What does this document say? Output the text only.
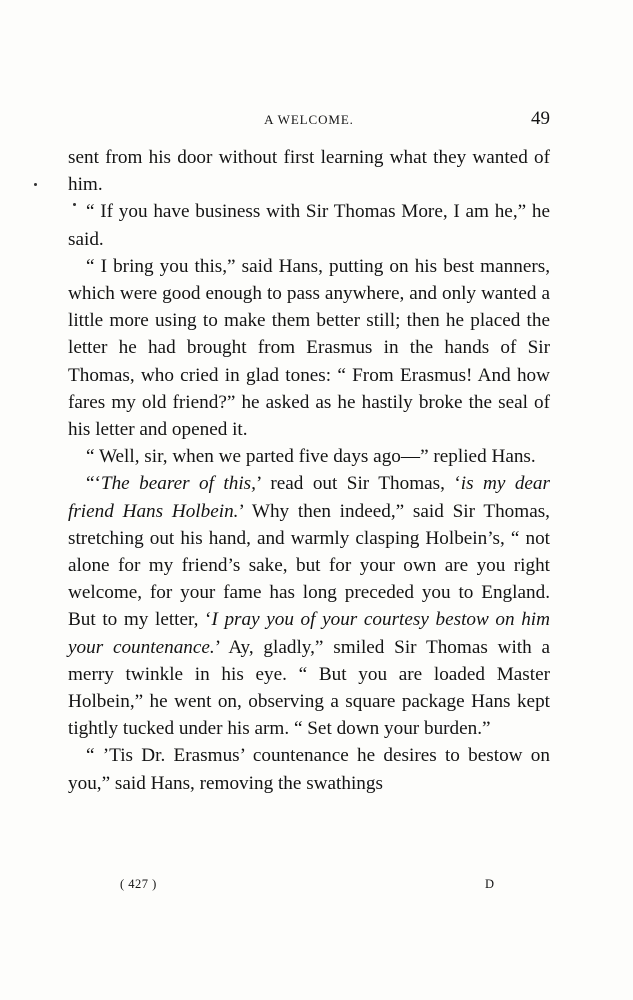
A WELCOME.	49

sent from his door without first learning what they wanted of him.

“ If you have business with Sir Thomas More, I am he,” he said.

“ I bring you this,” said Hans, putting on his best manners, which were good enough to pass anywhere, and only wanted a little more using to make them better still; then he placed the letter he had brought from Erasmus in the hands of Sir Thomas, who cried in glad tones: “ From Erasmus! And how fares my old friend?” he asked as he hastily broke the seal of his letter and opened it.

“ Well, sir, when we parted five days ago—” replied Hans.

“‘The bearer of this,’ read out Sir Thomas, ‘is my dear friend Hans Holbein.’ Why then indeed,” said Sir Thomas, stretching out his hand, and warmly clasping Holbein’s, “ not alone for my friend’s sake, but for your own are you right welcome, for your fame has long preceded you to England. But to my letter, ‘I pray you of your courtesy bestow on him your countenance.’ Ay, gladly,” smiled Sir Thomas with a merry twinkle in his eye. “ But you are loaded Master Holbein,” he went on, observing a square package Hans kept tightly tucked under his arm. “ Set down your burden.”

“ ’Tis Dr. Erasmus’ countenance he desires to bestow on you,” said Hans, removing the swathings

( 427 )	D
